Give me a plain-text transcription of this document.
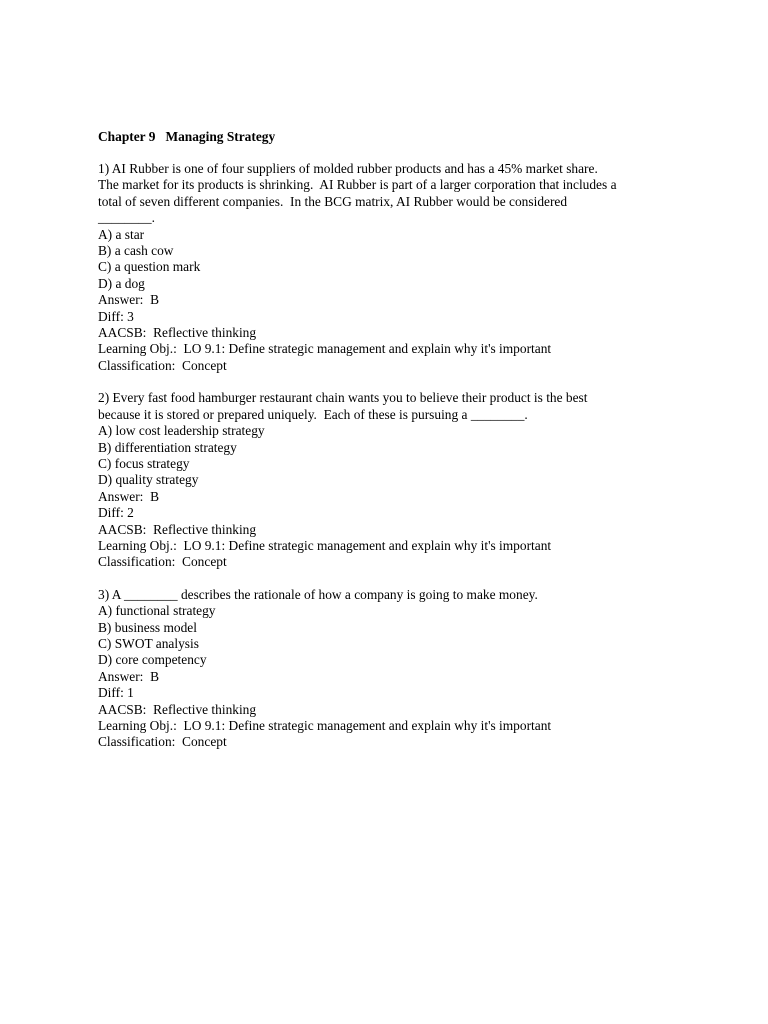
Chapter 9   Managing Strategy
1) AI Rubber is one of four suppliers of molded rubber products and has a 45% market share.
The market for its products is shrinking.  AI Rubber is part of a larger corporation that includes a
total of seven different companies.  In the BCG matrix, AI Rubber would be considered
________.
A) a star
B) a cash cow
C) a question mark
D) a dog
Answer:  B
Diff: 3
AACSB:  Reflective thinking
Learning Obj.:  LO 9.1: Define strategic management and explain why it's important
Classification:  Concept
2) Every fast food hamburger restaurant chain wants you to believe their product is the best
because it is stored or prepared uniquely.  Each of these is pursuing a ________.
A) low cost leadership strategy
B) differentiation strategy
C) focus strategy
D) quality strategy
Answer:  B
Diff: 2
AACSB:  Reflective thinking
Learning Obj.:  LO 9.1: Define strategic management and explain why it's important
Classification:  Concept
3) A ________ describes the rationale of how a company is going to make money.
A) functional strategy
B) business model
C) SWOT analysis
D) core competency
Answer:  B
Diff: 1
AACSB:  Reflective thinking
Learning Obj.:  LO 9.1: Define strategic management and explain why it's important
Classification:  Concept
